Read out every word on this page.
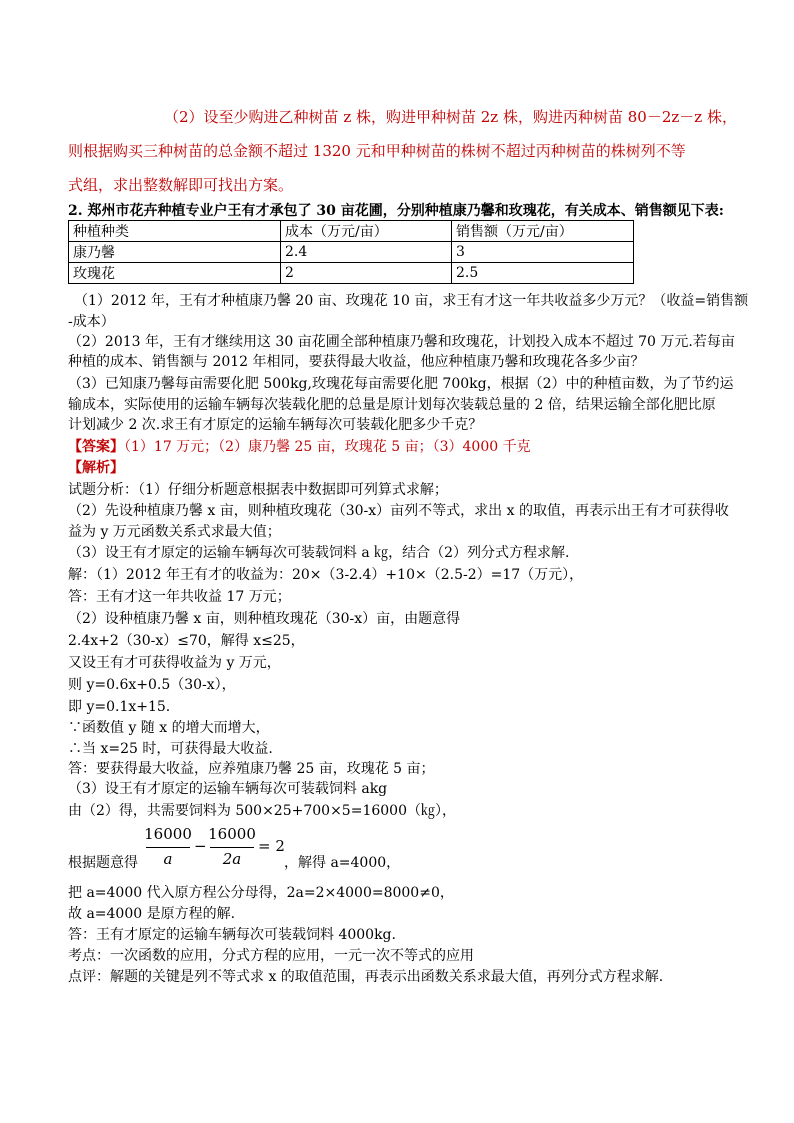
（2）设至少购进乙种树苗 z 株，购进甲种树苗 2z 株，购进丙种树苗 80－2z－z 株，

则根据购买三种树苗的总金额不超过 1320 元和甲种树苗的株树不超过丙种树苗的株树列不等

式组，求出整数解即可找出方案。

2. 郑州市花卉种植专业户王有才承包了 30 亩花圃，分别种植康乃馨和玫瑰花，有关成本、销售额见下表:
种植种类	成本（万元/亩）	销售额（万元/亩）
康乃馨	2.4	3
玫瑰花	2	2.5
（1）2012 年，王有才种植康乃馨 20 亩、玫瑰花 10 亩，求王有才这一年共收益多少万元？（收益=销售额
-成本）
（2）2013 年，王有才继续用这 30 亩花圃全部种植康乃馨和玫瑰花，计划投入成本不超过 70 万元.若每亩
种植的成本、销售额与 2012 年相同，要获得最大收益，他应种植康乃馨和玫瑰花各多少亩？
（3）已知康乃馨每亩需要化肥 500kg,玫瑰花每亩需要化肥 700kg，根据（2）中的种植亩数，为了节约运
输成本，实际使用的运输车辆每次装载化肥的总量是原计划每次装载总量的 2 倍，结果运输全部化肥比原
计划减少 2 次.求王有才原定的运输车辆每次可装载化肥多少千克？
【答案】（1）17 万元；（2）康乃馨 25 亩，玫瑰花 5 亩；（3）4000 千克
【解析】
试题分析：（1）仔细分析题意根据表中数据即可列算式求解；
（2）先设种植康乃馨 x 亩，则种植玫瑰花（30-x）亩列不等式，求出 x 的取值，再表示出王有才可获得收
益为 y 万元函数关系式求最大值；
（3）设王有才原定的运输车辆每次可装载饲料 a ㎏，结合（2）列分式方程求解.
解：（1）2012 年王有才的收益为：20×（3-2.4）+10×（2.5-2）=17（万元），
答：王有才这一年共收益 17 万元；
（2）设种植康乃馨 x 亩，则种植玫瑰花（30-x）亩，由题意得
2.4x+2（30-x）≤70，解得 x≤25，
又设王有才可获得收益为 y 万元，
则 y=0.6x+0.5（30-x），
即 y=0.1x+15.
∵函数值 y 随 x 的增大而增大，
∴当 x=25 时，可获得最大收益.
答：要获得最大收益，应养殖康乃馨 25 亩，玫瑰花 5 亩；
（3）设王有才原定的运输车辆每次可装载饲料 akg
由（2）得，共需要饲料为 500×25+700×5=16000（㎏），
16000
a
−
16000
2a
= 2
根据题意得	，解得 a=4000，
把 a=4000 代入原方程公分母得，2a=2×4000=8000≠0，
故 a=4000 是原方程的解.
答：王有才原定的运输车辆每次可装载饲料 4000kg.
考点：一次函数的应用，分式方程的应用，一元一次不等式的应用
点评：解题的关键是列不等式求 x 的取值范围，再表示出函数关系求最大值，再列分式方程求解.
